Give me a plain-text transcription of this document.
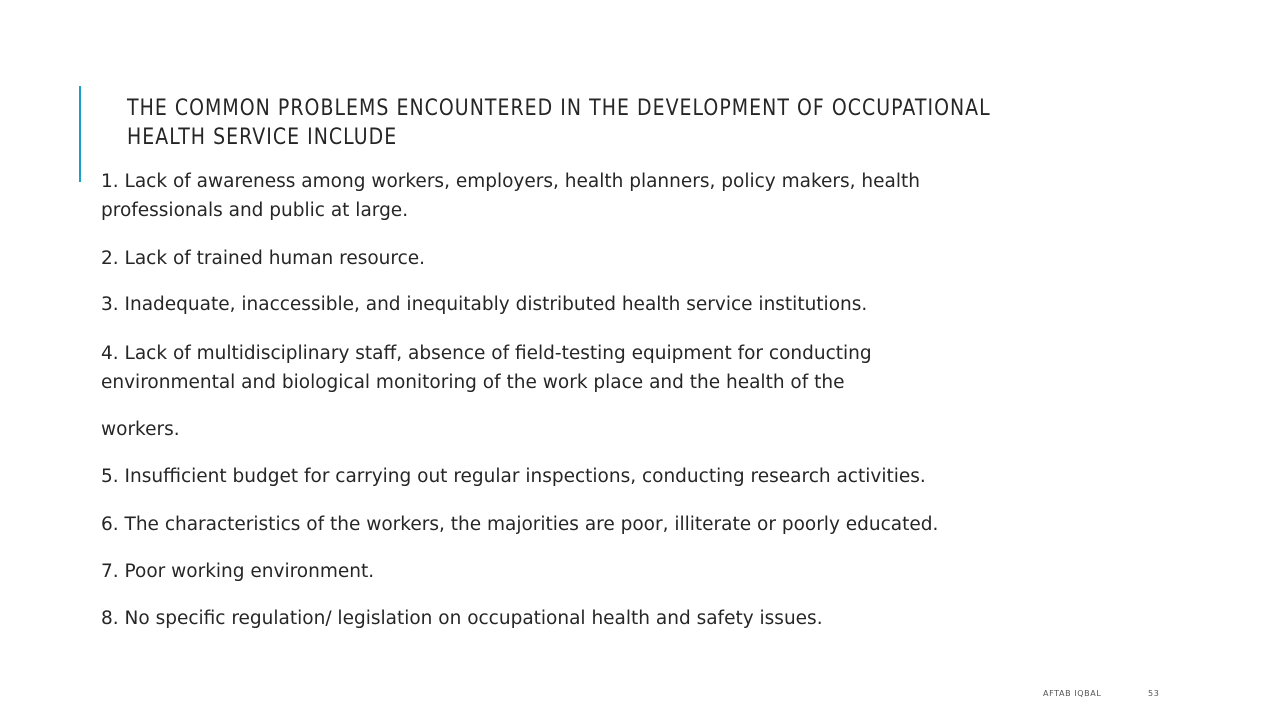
THE COMMON PROBLEMS ENCOUNTERED IN THE DEVELOPMENT OF OCCUPATIONAL HEALTH SERVICE INCLUDE

1. Lack of awareness among workers, employers, health planners, policy makers, health

professionals and public at large.

2. Lack of trained human resource.

3. Inadequate, inaccessible, and inequitably distributed health service institutions.

4. Lack of multidisciplinary staff, absence of field-testing equipment for conducting

environmental and biological monitoring of the work place and the health of the

workers.

5. Insufficient budget for carrying out regular inspections, conducting research activities.

6. The characteristics of the workers, the majorities are poor, illiterate or poorly educated.

7. Poor working environment.

8. No specific regulation/ legislation on occupational health and safety issues.

AFTAB IQBAL	53
